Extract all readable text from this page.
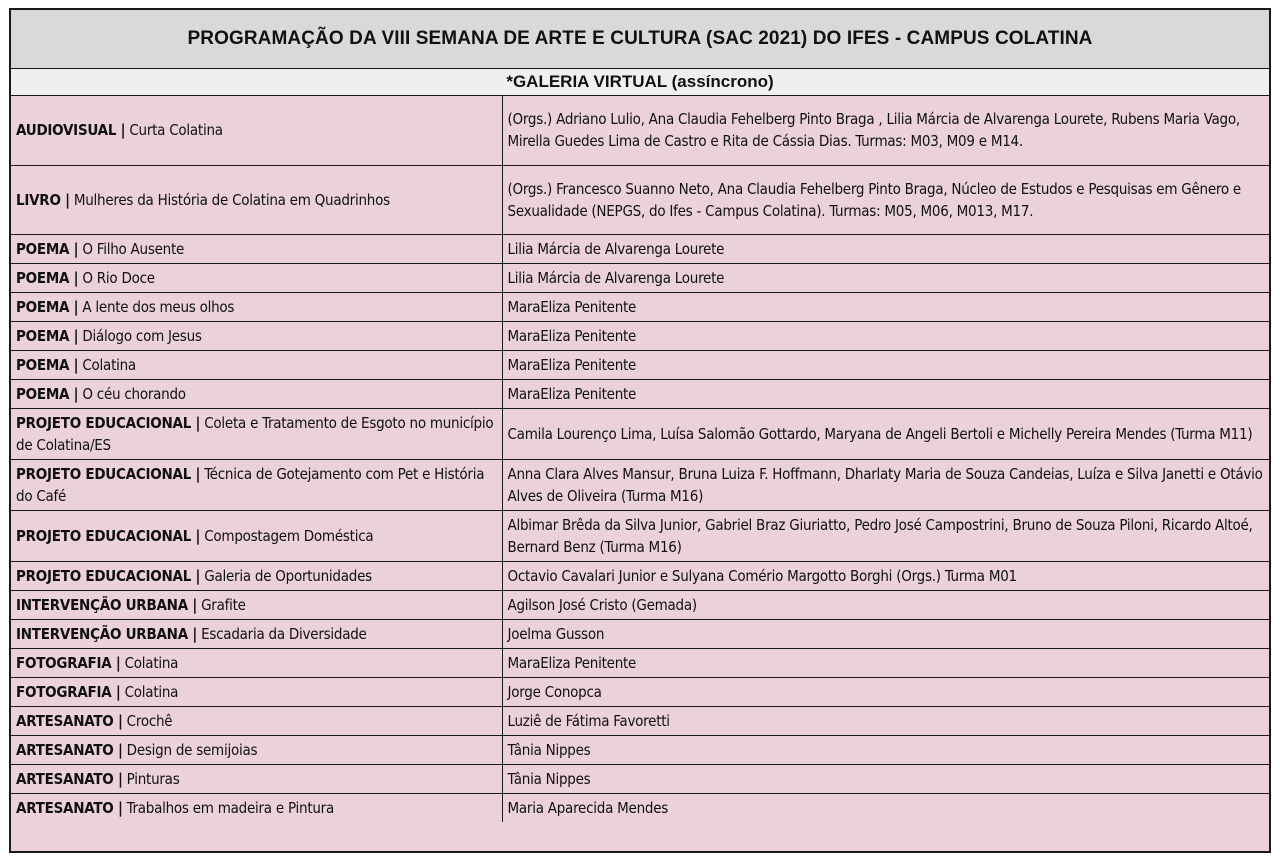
PROGRAMAÇÃO DA VIII SEMANA DE ARTE E CULTURA (SAC 2021) DO IFES - CAMPUS COLATINA
*GALERIA VIRTUAL (assíncrono)
AUDIOVISUAL | Curta Colatina	(Orgs.) Adriano Lulio, Ana Claudia Fehelberg Pinto Braga , Lilia Márcia de Alvarenga Lourete, Rubens Maria Vago, Mirella Guedes Lima de Castro e Rita de Cássia Dias. Turmas: M03, M09 e M14.
LIVRO | Mulheres da História de Colatina em Quadrinhos	(Orgs.) Francesco Suanno Neto, Ana Claudia Fehelberg Pinto Braga, Núcleo de Estudos e Pesquisas em Gênero e Sexualidade (NEPGS, do Ifes - Campus Colatina). Turmas: M05, M06, M013, M17.
POEMA | O Filho Ausente	Lilia Márcia de Alvarenga Lourete
POEMA | O Rio Doce	Lilia Márcia de Alvarenga Lourete
POEMA | A lente dos meus olhos	MaraEliza Penitente
POEMA | Diálogo com Jesus	MaraEliza Penitente
POEMA | Colatina	MaraEliza Penitente
POEMA | O céu chorando	MaraEliza Penitente
PROJETO EDUCACIONAL | Coleta e Tratamento de Esgoto no município de Colatina/ES	Camila Lourenço Lima, Luísa Salomão Gottardo, Maryana de Angeli Bertoli e Michelly Pereira Mendes (Turma M11)
PROJETO EDUCACIONAL | Técnica de Gotejamento com Pet e História do Café	Anna Clara Alves Mansur, Bruna Luiza F. Hoffmann, Dharlaty Maria de Souza Candeias, Luíza e Silva Janetti e Otávio Alves de Oliveira (Turma M16)
PROJETO EDUCACIONAL | Compostagem Doméstica	Albimar Brêda da Silva Junior, Gabriel Braz Giuriatto, Pedro José Campostrini, Bruno de Souza Piloni, Ricardo Altoé, Bernard Benz (Turma M16)
PROJETO EDUCACIONAL | Galeria de Oportunidades	Octavio Cavalari Junior e Sulyana Comério Margotto Borghi (Orgs.) Turma M01
INTERVENÇÃO URBANA | Grafite	Agilson José Cristo (Gemada)
INTERVENÇÃO URBANA | Escadaria da Diversidade	Joelma Gusson
FOTOGRAFIA | Colatina	MaraEliza Penitente
FOTOGRAFIA | Colatina	Jorge Conopca
ARTESANATO | Crochê	Luziê de Fátima Favoretti
ARTESANATO | Design de semijoias	Tânia Nippes
ARTESANATO | Pinturas	Tânia Nippes
ARTESANATO | Trabalhos em madeira e Pintura	Maria Aparecida Mendes
